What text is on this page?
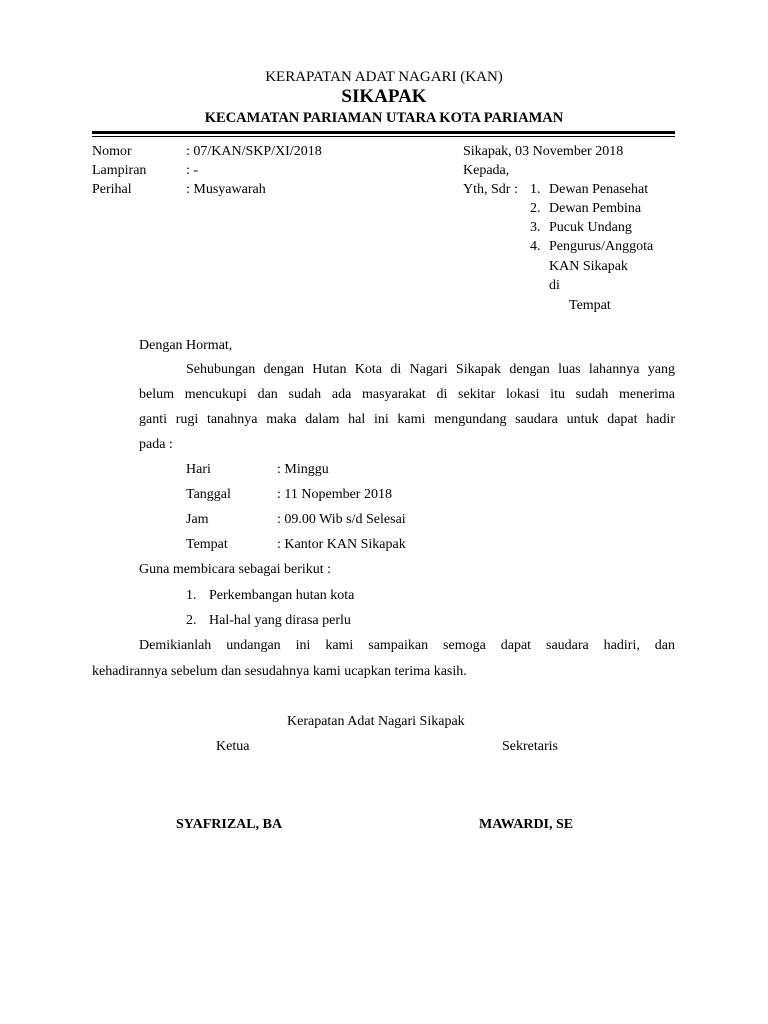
KERAPATAN ADAT NAGARI (KAN)
SIKAPAK
KECAMATAN PARIAMAN UTARA KOTA PARIAMAN
Nomor	: 07/KAN/SKP/XI/2018
Lampiran	: -
Perihal	: Musyawarah
Sikapak, 03 November 2018
Kepada,
Yth, Sdr : 1. Dewan Penasehat
2. Dewan Pembina
3. Pucuk Undang
4. Pengurus/Anggota
KAN Sikapak
di
Tempat
Dengan Hormat,
Sehubungan dengan Hutan Kota di Nagari Sikapak dengan luas lahannya yang
belum mencukupi dan sudah ada masyarakat di sekitar lokasi itu sudah menerima
ganti rugi tanahnya maka dalam hal ini kami mengundang saudara untuk dapat hadir
pada :
Hari	: Minggu
Tanggal	: 11 Nopember 2018
Jam	: 09.00 Wib s/d Selesai
Tempat	: Kantor KAN Sikapak
Guna membicara sebagai berikut :
1. Perkembangan hutan kota
2. Hal-hal yang dirasa perlu
Demikianlah undangan ini kami sampaikan semoga dapat saudara hadiri, dan
kehadirannya sebelum dan sesudahnya kami ucapkan terima kasih.
Kerapatan Adat Nagari Sikapak
Ketua	Sekretaris
SYAFRIZAL, BA	MAWARDI, SE
